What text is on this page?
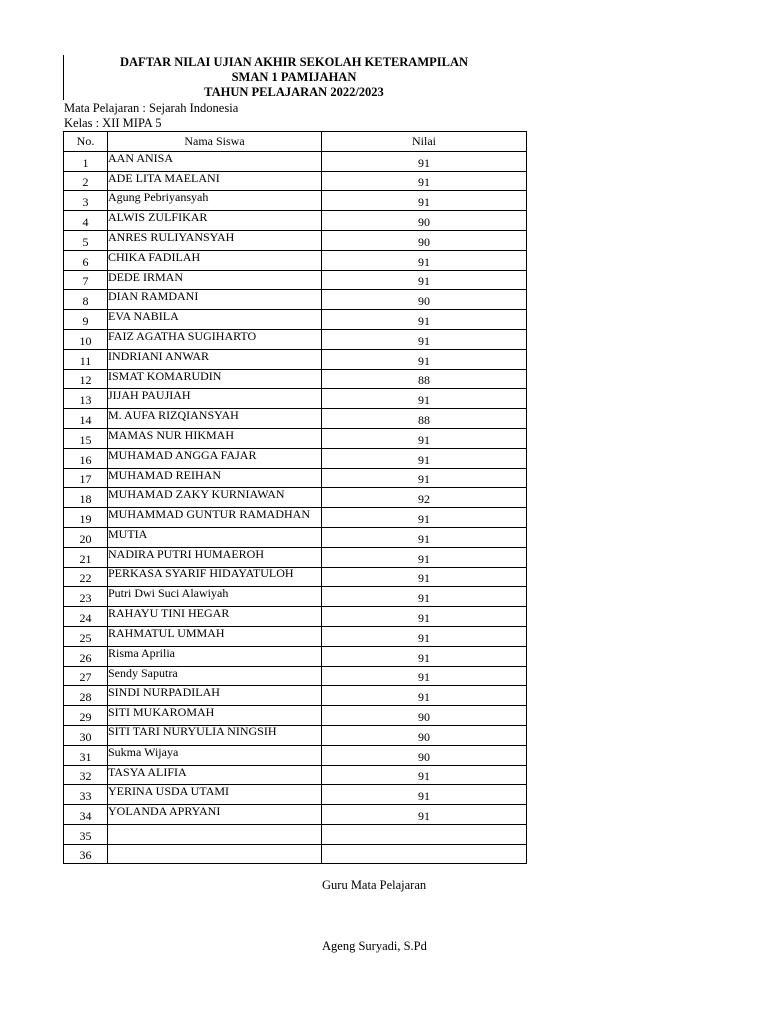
DAFTAR NILAI UJIAN AKHIR SEKOLAH KETERAMPILAN
SMAN 1 PAMIJAHAN
TAHUN PELAJARAN 2022/2023
Mata Pelajaran : Sejarah Indonesia
Kelas : XII MIPA 5
No.	Nama Siswa	Nilai
1	AAN ANISA	91
2	ADE LITA MAELANI	91
3	Agung Pebriyansyah	91
4	ALWIS ZULFIKAR	90
5	ANRES RULIYANSYAH	90
6	CHIKA FADILAH	91
7	DEDE IRMAN	91
8	DIAN RAMDANI	90
9	EVA NABILA	91
10	FAIZ AGATHA SUGIHARTO	91
11	INDRIANI ANWAR	91
12	ISMAT KOMARUDIN	88
13	JIJAH PAUJIAH	91
14	M. AUFA RIZQIANSYAH	88
15	MAMAS NUR HIKMAH	91
16	MUHAMAD ANGGA FAJAR	91
17	MUHAMAD REIHAN	91
18	MUHAMAD ZAKY KURNIAWAN	92
19	MUHAMMAD GUNTUR RAMADHAN	91
20	MUTIA	91
21	NADIRA PUTRI HUMAEROH	91
22	PERKASA SYARIF HIDAYATULOH	91
23	Putri Dwi Suci Alawiyah	91
24	RAHAYU TINI HEGAR	91
25	RAHMATUL UMMAH	91
26	Risma Aprilia	91
27	Sendy Saputra	91
28	SINDI NURPADILAH	91
29	SITI MUKAROMAH	90
30	SITI TARI NURYULIA NINGSIH	90
31	Sukma Wijaya	90
32	TASYA ALIFIA	91
33	YERINA USDA UTAMI	91
34	YOLANDA APRYANI	91
35		
36		
Guru Mata Pelajaran
Ageng Suryadi, S.Pd
